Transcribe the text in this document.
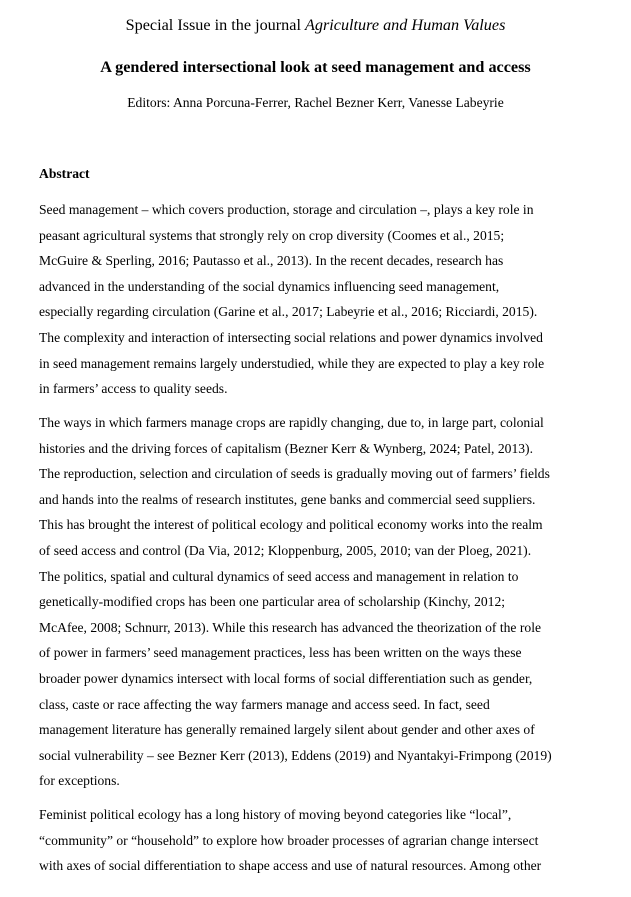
Special Issue in the journal Agriculture and Human Values
A gendered intersectional look at seed management and access
Editors: Anna Porcuna-Ferrer, Rachel Bezner Kerr, Vanesse Labeyrie
Abstract
Seed management – which covers production, storage and circulation –, plays a key role in
peasant agricultural systems that strongly rely on crop diversity (Coomes et al., 2015;
McGuire & Sperling, 2016; Pautasso et al., 2013). In the recent decades, research has
advanced in the understanding of the social dynamics influencing seed management,
especially regarding circulation (Garine et al., 2017; Labeyrie et al., 2016; Ricciardi, 2015).
The complexity and interaction of intersecting social relations and power dynamics involved
in seed management remains largely understudied, while they are expected to play a key role
in farmers’ access to quality seeds.
The ways in which farmers manage crops are rapidly changing, due to, in large part, colonial
histories and the driving forces of capitalism (Bezner Kerr & Wynberg, 2024; Patel, 2013).
The reproduction, selection and circulation of seeds is gradually moving out of farmers’ fields
and hands into the realms of research institutes, gene banks and commercial seed suppliers.
This has brought the interest of political ecology and political economy works into the realm
of seed access and control (Da Via, 2012; Kloppenburg, 2005, 2010; van der Ploeg, 2021).
The politics, spatial and cultural dynamics of seed access and management in relation to
genetically-modified crops has been one particular area of scholarship (Kinchy, 2012;
McAfee, 2008; Schnurr, 2013). While this research has advanced the theorization of the role
of power in farmers’ seed management practices, less has been written on the ways these
broader power dynamics intersect with local forms of social differentiation such as gender,
class, caste or race affecting the way farmers manage and access seed. In fact, seed
management literature has generally remained largely silent about gender and other axes of
social vulnerability – see Bezner Kerr (2013), Eddens (2019) and Nyantakyi-Frimpong (2019)
for exceptions.
Feminist political ecology has a long history of moving beyond categories like “local”,
“community” or “household” to explore how broader processes of agrarian change intersect
with axes of social differentiation to shape access and use of natural resources. Among other
